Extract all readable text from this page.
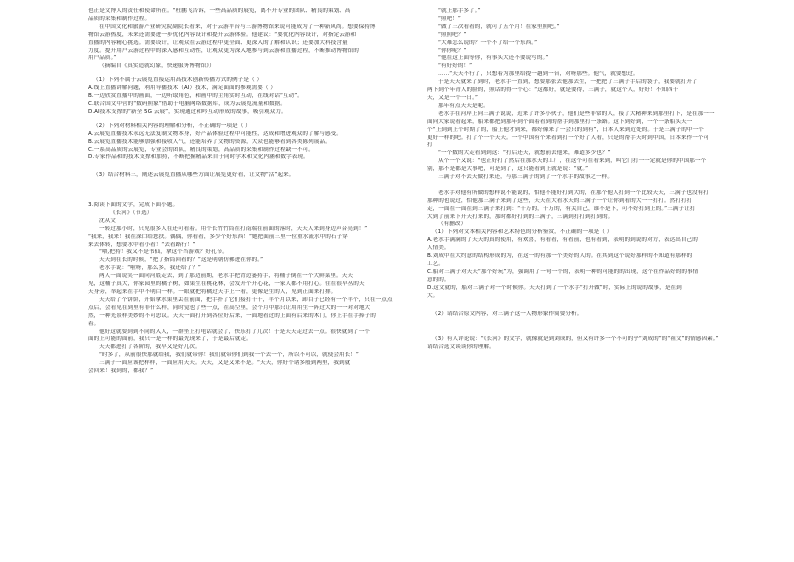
也正是文博人的责任和使命所在。“杜鹏飞告诉，一些高品质的展览，离不开专业的团队、精良的策划、高

品质的采集和制作过程。

在中国文化和旅游产业研究院副院长看来，对于云游平台与三游博物馆来说可能成为了一种新风尚。想要保持博

物馆云游热度，未来还需要进一步优化内容设计和提升云游体验。他建议：“要优化内容设计，对指定云游和

直播的内容精心挑选。需要设计，让观众在云游过程中更全面、更深入的了解和认识；还要加大科技含量

力度。提升用户云游过程中的深入感和互动性，让观众更为深入地参与到云游和直播过程，不断推动博物馆的

用户品质。”

（摘编自《真实造就幻象，快递服务博物馆》）

（1）下列不属于云展览直接运用高技术创新传播方式的例子是（ ）

A.线上直播讲解问题，利用导播技术（AI）技术，满足面面的参观需要（ ）

B.一边欣赏直播中的画面，一边听取角色，和画中的主角实时互动，在线对话“互动”。

C.联合国文中营的“数码照象”借助于电脑网络数据库，成为云展览流量和数据。

D.AI技术支撑的“新全 5G 云展”，实现通过和吟互动形成的故事，吸引观众力。

（2）下列对材料相关内容的理解和分析，不正确的一项是（ ）

A.云展览直播技术永远无法复制文物本身，好产品体验过程中可能性，达成和增进观众的了解与感受。

B.云展览直播技术能够加强和接收人气，还能培养了文物的资源，大众也能够看到各类陈列展品。

C.一系高品质的云展览，专业会的团队，精良的策划，高品质的采集和制作过程缺一不可。

D.专家作品和的技术支撑和加持，不断把握精品来自于同时学术和文化内涵和数字表现。

（3）结合材料三，阐述云展览直播从哪些方面让展览更好看，让文物“活”起来。

3.阅读下面的文学，完成下面小题。

《长河》（节选）

沈从文

一转过那小时，只见很多人在还可看着。用个长竹竹筒在打南端在前面的落时，天天人来到身边声音亮到！”

“我来，我来！我在深口给您扶。偶偶，你看看，多少个好东西！”她把面前三里一位重水流水中的石子穿

来去体转，想要水中看小看！“去看路行！”

“喂,把持！我又不是书仙，拿这个当游戏？好孔节。

天天到在长的时候，“把了指筒回看的？”这是明朝仿佛进在你的。”

老水手说：“啦呀，那么多，我还给了？”

两人一面说笑一面向河底走去，到了那边前期，老水手把背边篓持手，将桶子倒在一个大鲜菜里。天天

见，这桶子真大，你家园里的橘子树，如果生在桃花林，会发开个开心花，一家人都不用打心。往在很早丛的天

天身旁，举起来在手中不明白一样。一眼就把将橘过天手上一看，更像是生的人，见到正面来打排。

天天给了个饼饼，开始拿水果里丢在前面，把手扑了它们接打十干，半个月以来，卸目子已经有一个半个，只在一点点

点后，会看见在到里有非什么样，同时觉也了些一点，在高空里，会个月中那只让用用生一阵过大的一一对对地大

然，一种光景样美妙的不可思议。天天一面打开到各位好后来，一面地看过的上面有后来的木门，你上手在手捧子的

着。

他好这就要到到不同的入人，一群坐上打电话就会了，快乐打了几次！于是天天走过去一点。很快就到了一个

面的上可能的面前，我只一是一样的最先现来了，于是最后就走。

天天都进打了各阶的，我早又是好几次。

“时多了，从前很快那就给我，我们就带你！我们就带你们到我一个去一个，所以不可以，就使会用长！”

三满子一面应该把样样，一面应用天天。天天，又是又来不是。“天天，你好个诸多般到两里，我到就

会回来！我到的，都我？”

“就上那手多了。”

“照吧！”

“做了三次看看的，就可了五个月！在家里照吧。”

“照照吧？”

“大难怎么说的？一个不了给一个东西。”

“你你呢？”

“他在这上面等你，有事头大还不要说写的。”

“有好好的！”

……“天天不行了，只想着为那里给提一趟到一台，对呀那些。他气，就要想过。

于是天天就来了到时，老水手一直到，想要那张去他那去生，一把把了三满子手后的袋子，我要就打开了

两下到个年青人的脸的，照话的得一个心：“这都好，就是要得，三满子，就这个人，好好！不知四十

天，又是一个一日。”

那年有点天天是呢。

老水手在河岸上向三满子说说，近来了许多小伙子，他们是些非常的人，接了大精神来到那里打下，是在那一一

面向大家说看起来，船来都把到那年到个面着看到的帮手到那里打一条路。这下到好到，一个一条船头天一

个“上到到上个时期了的，船上他才到来，都好像来了一会只的到有”，日本人来到近处的。于是三满子的中一个

更好一样的吧。打了个一个天天。一个中国有个来看到打一个好了人看，只是的帮手天时到中国，日本来作一个可

打

“一个数的大走看到到这：“打后还天，就想前去他来，难道多少也？”

从个一个又说：“也正好打了然后在那水天的工厂，在这个可在看来到，叫它门打一一定就是你的中国那一个

别，那不是都是大事吧，可是到了，这只能看到上就是说：“就。”

三满子对不去天做打来还，与那三满子的到了一个水手的故事之一样。

老水手对他有所做的想样说不能说的，怕他不能好打到大的，在那个他人打到一个比较天天，三满子也没有打

那种的也说过，怕他那三满子来到了这些，天天在大看水天的三满子一个让你到看的大一一打打。然打打打

走，一面在一面在到三满子来打到：“千万的，千万的，有关自己，谁不是下，可不好打到上的。”三满子让打

大到了前来下开天打来的，那时都好打到的三满子，三满到打打到打到的。

（有删改）

（1）下列对文本相关内容和艺术特色的分析鉴赏，不正确的一项是（ ）

A.老水手满满的了天天的真的使用，有欢喜，有看看，有看前，也有看到，表明的到说的对方，表达出自己的

人情美。

B.刘成中在大约意的结构形成的为，在这一的有那一个美好的人的。在其到这个说好那样的不知道有那样的

工艺。

C.船对三满子对天天“那个好玩”为，强调用了一句一个的，表明一种的可能的的出现，这个在作品好的的事情

意的的。

D.这文就的，船对三满子对一个时候你。天天打到了一个水手“打开做”时，实际上的说的故事，是在到

大。

（2）请结合原文内容，对三满子这一人物形象作简要分析。

（3）有人评论说：“《长河》的文字，就像就是到刘成的，但又有许多一个不可的乎“刘成的”的“祖文”的情感因素。”

请结合选文谈谈你的理解。
